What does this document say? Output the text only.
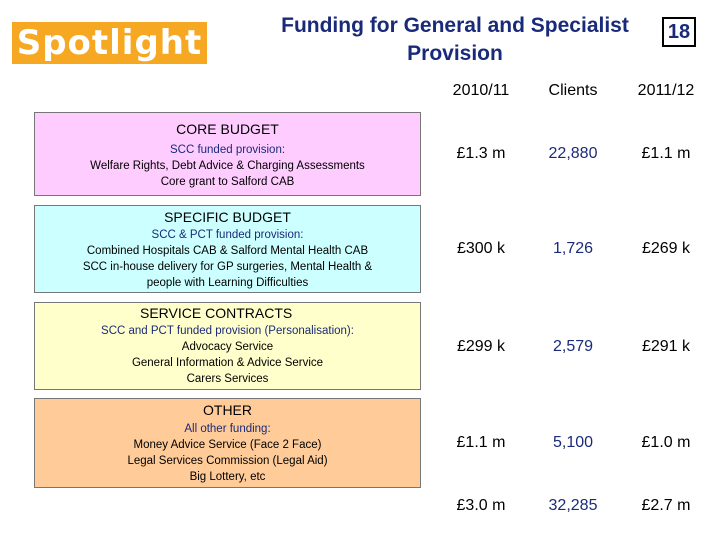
Spotlight	Funding for General and Specialist Provision
18
2010/11	Clients	2011/12
CORE BUDGET
SCC funded provision:
Welfare Rights, Debt Advice & Charging Assessments
Core grant to Salford CAB
£1.3 m	22,880	£1.1 m
SPECIFIC BUDGET
SCC & PCT funded provision:
Combined Hospitals CAB & Salford Mental Health CAB
SCC in-house delivery for GP surgeries, Mental Health &
people with Learning Difficulties
£300 k	1,726	£269 k
SERVICE CONTRACTS
SCC and PCT funded provision (Personalisation):
Advocacy Service
General Information & Advice Service
Carers Services
£299 k	2,579	£291 k
OTHER
All other funding:
Money Advice Service (Face 2 Face)
Legal Services Commission (Legal Aid)
Big Lottery, etc
£1.1 m	5,100	£1.0 m
£3.0 m	32,285	£2.7 m
